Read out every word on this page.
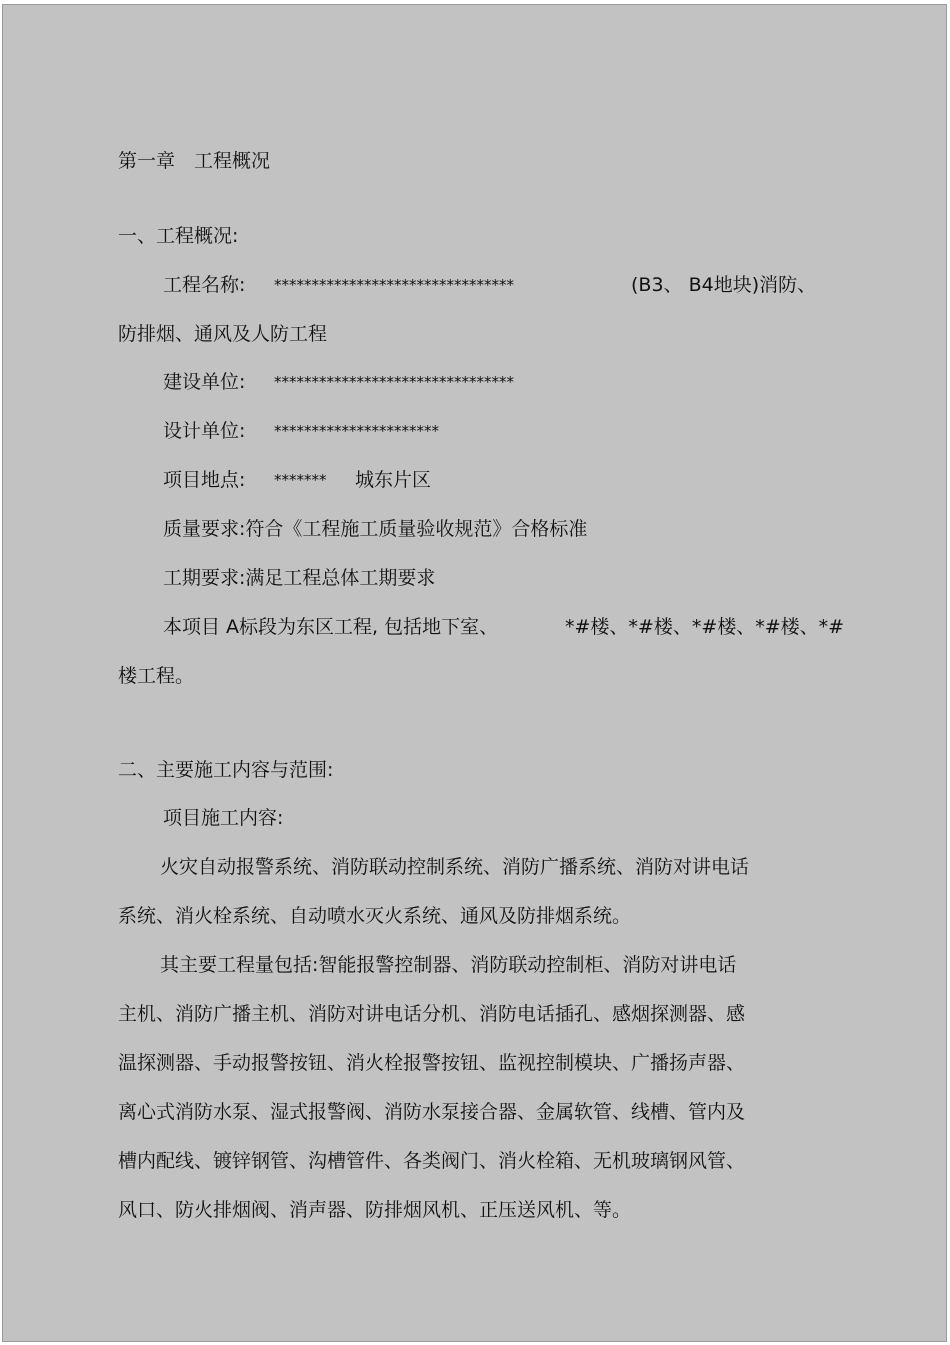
第一章　工程概况

一、工程概况:

工程名称: ********************************	(B3、 B4地块)消防、

防排烟、通风及人防工程

建设单位: ********************************

设计单位: **********************

项目地点: ******* 城东片区

质量要求:符合《工程施工质量验收规范》合格标准

工期要求:满足工程总体工期要求

本项目 A标段为东区工程, 包括地下室、	*#楼、*#楼、*#楼、*#楼、*#

楼工程。

二、主要施工内容与范围:

项目施工内容:

火灾自动报警系统、消防联动控制系统、消防广播系统、消防对讲电话

系统、消火栓系统、自动喷水灭火系统、通风及防排烟系统。

其主要工程量包括:智能报警控制器、消防联动控制柜、消防对讲电话

主机、消防广播主机、消防对讲电话分机、消防电话插孔、感烟探测器、感

温探测器、手动报警按钮、消火栓报警按钮、监视控制模块、广播扬声器、

离心式消防水泵、湿式报警阀、消防水泵接合器、金属软管、线槽、管内及

槽内配线、镀锌钢管、沟槽管件、各类阀门、消火栓箱、无机玻璃钢风管、

风口、防火排烟阀、消声器、防排烟风机、正压送风机、等。
